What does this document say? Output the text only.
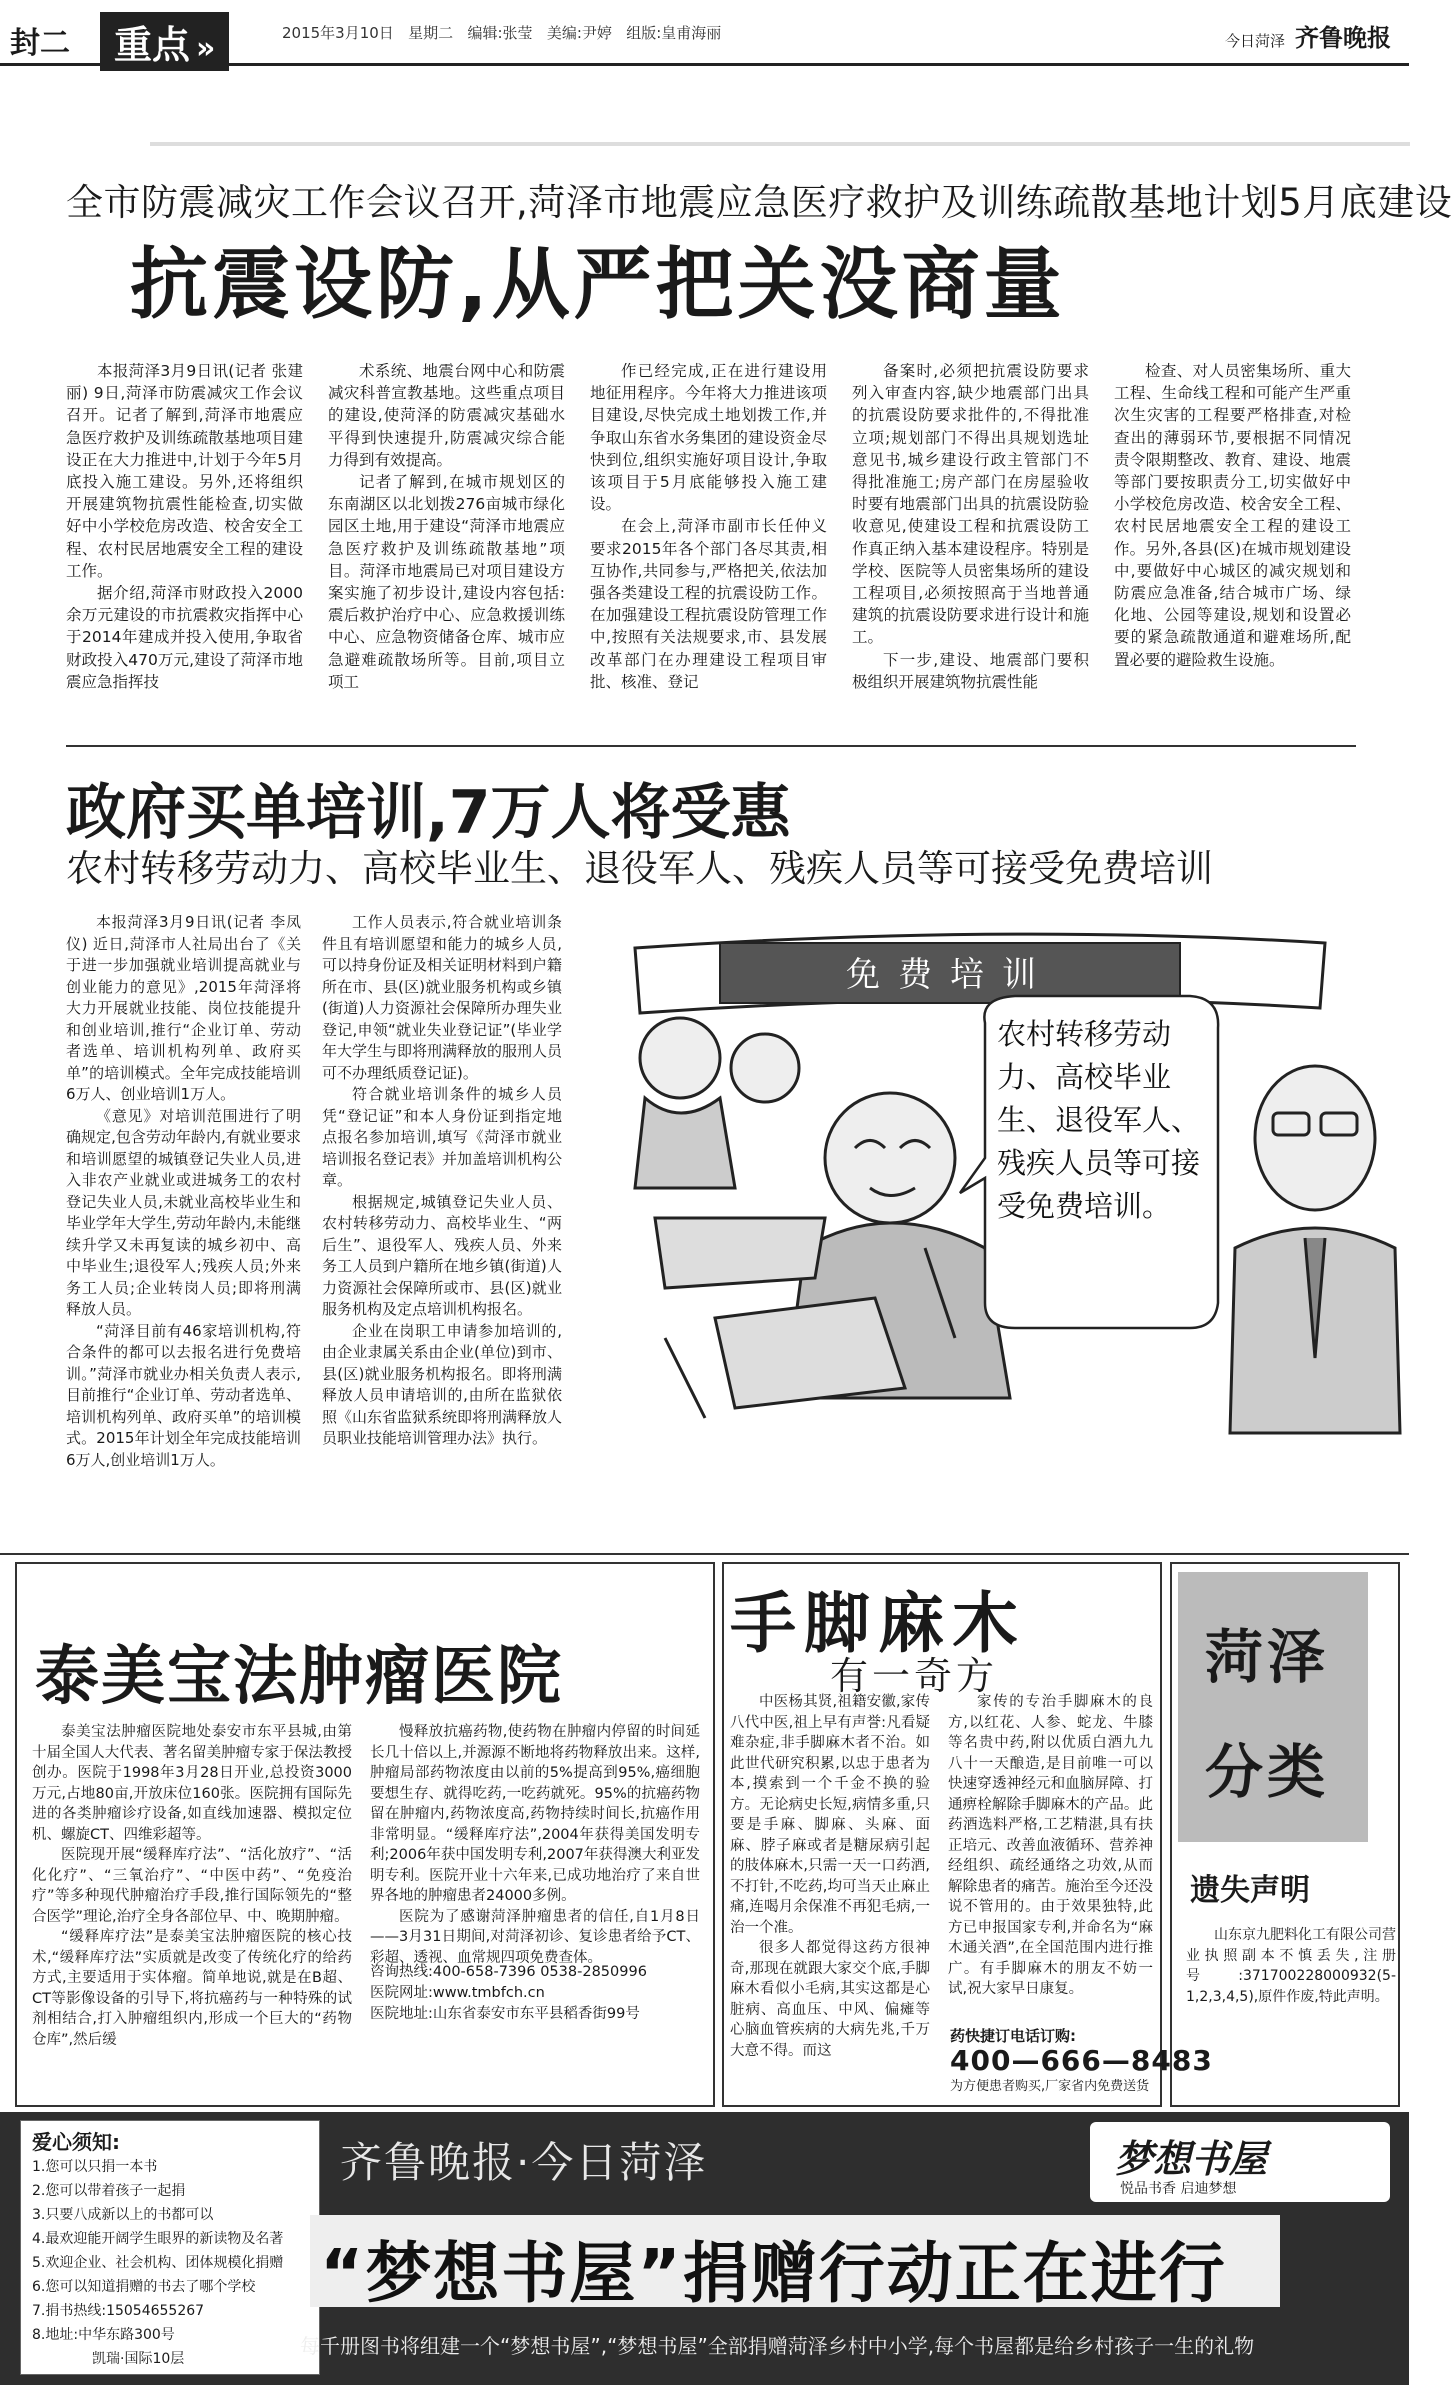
封二	重点 »	2015年3月10日 星期二 编辑:张莹 美编:尹婷 组版:皇甫海丽	今日菏泽 齐鲁晚报
全市防震减灾工作会议召开,菏泽市地震应急医疗救护及训练疏散基地计划5月底建设
抗震设防,从严把关没商量

本报菏泽3月9日讯(记者 张建丽) 9日,菏泽市防震减灾工作会议召开。记者了解到,菏泽市地震应急医疗救护及训练疏散基地项目建设正在大力推进中,计划于今年5月底投入施工建设。另外,还将组织开展建筑物抗震性能检查,切实做好中小学校危房改造、校舍安全工程、农村民居地震安全工程的建设工作。

据介绍,菏泽市财政投入2000余万元建设的市抗震救灾指挥中心于2014年建成并投入使用,争取省财政投入470万元,建设了菏泽市地震应急指挥技

术系统、地震台网中心和防震减灾科普宣教基地。这些重点项目的建设,使菏泽的防震减灾基础水平得到快速提升,防震减灾综合能力得到有效提高。

记者了解到,在城市规划区的东南湖区以北划拨276亩城市绿化园区土地,用于建设“菏泽市地震应急医疗救护及训练疏散基地”项目。菏泽市地震局已对项目建设方案实施了初步设计,建设内容包括:震后救护治疗中心、应急救援训练中心、应急物资储备仓库、城市应急避难疏散场所等。目前,项目立项工

作已经完成,正在进行建设用地征用程序。今年将大力推进该项目建设,尽快完成土地划拨工作,并争取山东省水务集团的建设资金尽快到位,组织实施好项目设计,争取该项目于5月底能够投入施工建设。

在会上,菏泽市副市长任仲义要求2015年各个部门各尽其责,相互协作,共同参与,严格把关,依法加强各类建设工程的抗震设防工作。在加强建设工程抗震设防管理工作中,按照有关法规要求,市、县发展改革部门在办理建设工程项目审批、核准、登记

备案时,必须把抗震设防要求列入审查内容,缺少地震部门出具的抗震设防要求批件的,不得批准立项;规划部门不得出具规划选址意见书,城乡建设行政主管部门不得批准施工;房产部门在房屋验收时要有地震部门出具的抗震设防验收意见,使建设工程和抗震设防工作真正纳入基本建设程序。特别是学校、医院等人员密集场所的建设工程项目,必须按照高于当地普通建筑的抗震设防要求进行设计和施工。

下一步,建设、地震部门要积极组织开展建筑物抗震性能

检查、对人员密集场所、重大工程、生命线工程和可能产生严重次生灾害的工程要严格排查,对检查出的薄弱环节,要根据不同情况责令限期整改、教育、建设、地震等部门要按职责分工,切实做好中小学校危房改造、校舍安全工程、农村民居地震安全工程的建设工作。另外,各县(区)在城市规划建设中,要做好中心城区的减灾规划和防震应急准备,结合城市广场、绿化地、公园等建设,规划和设置必要的紧急疏散通道和避难场所,配置必要的避险救生设施。

政府买单培训,7万人将受惠
农村转移劳动力、高校毕业生、退役军人、残疾人员等可接受免费培训

本报菏泽3月9日讯(记者 李凤仪) 近日,菏泽市人社局出台了《关于进一步加强就业培训提高就业与创业能力的意见》,2015年菏泽将大力开展就业技能、岗位技能提升和创业培训,推行“企业订单、劳动者选单、培训机构列单、政府买单”的培训模式。全年完成技能培训6万人、创业培训1万人。

《意见》对培训范围进行了明确规定,包含劳动年龄内,有就业要求和培训愿望的城镇登记失业人员,进入非农产业就业或进城务工的农村登记失业人员,未就业高校毕业生和毕业学年大学生,劳动年龄内,未能继续升学又未再复读的城乡初中、高中毕业生;退役军人;残疾人员;外来务工人员;企业转岗人员;即将刑满释放人员。

“菏泽目前有46家培训机构,符合条件的都可以去报名进行免费培训。”菏泽市就业办相关负责人表示,目前推行“企业订单、劳动者选单、培训机构列单、政府买单”的培训模式。2015年计划全年完成技能培训6万人,创业培训1万人。

工作人员表示,符合就业培训条件且有培训愿望和能力的城乡人员,可以持身份证及相关证明材料到户籍所在市、县(区)就业服务机构或乡镇(街道)人力资源社会保障所办理失业登记,申领“就业失业登记证”(毕业学年大学生与即将刑满释放的服刑人员可不办理纸质登记证)。

符合就业培训条件的城乡人员凭“登记证”和本人身份证到指定地点报名参加培训,填写《菏泽市就业培训报名登记表》并加盖培训机构公章。

根据规定,城镇登记失业人员、农村转移劳动力、高校毕业生、“两后生”、退役军人、残疾人员、外来务工人员到户籍所在地乡镇(街道)人力资源社会保障所或市、县(区)就业服务机构及定点培训机构报名。

企业在岗职工申请参加培训的,由企业隶属关系由企业(单位)到市、县(区)就业服务机构报名。即将刑满释放人员申请培训的,由所在监狱依照《山东省监狱系统即将刑满释放人员职业技能培训管理办法》执行。

免费培训
农村转移劳动力、高校毕业生、退役军人、残疾人员等可接受免费培训。
泰美宝法肿瘤医院

泰美宝法肿瘤医院地处泰安市东平县城,由第十届全国人大代表、著名留美肿瘤专家于保法教授创办。医院于1998年3月28日开业,总投资3000万元,占地80亩,开放床位160张。医院拥有国际先进的各类肿瘤诊疗设备,如直线加速器、模拟定位机、螺旋CT、四维彩超等。

医院现开展“缓释库疗法”、“活化放疗”、“活化化疗”、“三氧治疗”、“中医中药”、“免疫治疗”等多种现代肿瘤治疗手段,推行国际领先的“整合医学”理论,治疗全身各部位早、中、晚期肿瘤。

“缓释库疗法”是泰美宝法肿瘤医院的核心技术,“缓释库疗法”实质就是改变了传统化疗的给药方式,主要适用于实体瘤。简单地说,就是在B超、CT等影像设备的引导下,将抗癌药与一种特殊的试剂相结合,打入肿瘤组织内,形成一个巨大的“药物仓库”,然后缓

慢释放抗癌药物,使药物在肿瘤内停留的时间延长几十倍以上,并源源不断地将药物释放出来。这样,肿瘤局部药物浓度由以前的5%提高到95%,癌细胞要想生存、就得吃药,一吃药就死。95%的抗癌药物留在肿瘤内,药物浓度高,药物持续时间长,抗癌作用非常明显。“缓释库疗法”,2004年获得美国发明专利;2006年获中国发明专利,2007年获得澳大利亚发明专利。医院开业十六年来,已成功地治疗了来自世界各地的肿瘤患者24000多例。

医院为了感谢菏泽肿瘤患者的信任,自1月8日——3月31日期间,对菏泽初诊、复诊患者给予CT、彩超、透视、血常规四项免费查体。

咨询热线:400-658-7396 0538-2850996
医院网址:www.tmbfch.cn
医院地址:山东省泰安市东平县稻香街99号
手脚麻木
有一奇方

中医杨其贤,祖籍安徽,家传八代中医,祖上早有声誉:凡看疑难杂症,非手脚麻木者不治。如此世代研究积累,以忠于患者为本,摸索到一个千金不换的验方。无论病史长短,病情多重,只要是手麻、脚麻、头麻、面麻、脖子麻或者是糖尿病引起的肢体麻木,只需一天一口药酒,不打针,不吃药,均可当天止麻止痛,连喝月余保准不再犯毛病,一治一个准。

很多人都觉得这药方很神奇,那现在就跟大家交个底,手脚麻木看似小毛病,其实这都是心脏病、高血压、中风、偏瘫等心脑血管疾病的大病先兆,千万大意不得。而这

家传的专治手脚麻木的良方,以红花、人参、蛇龙、牛膝等名贵中药,附以优质白酒九九八十一天酿造,是目前唯一可以快速穿透神经元和血脑屏障、打通痹栓解除手脚麻木的产品。此药酒选料严格,工艺精湛,具有扶正培元、改善血液循环、营养神经组织、疏经通络之功效,从而解除患者的痛苦。施治至今还没说不管用的。由于效果独特,此方已申报国家专利,并命名为“麻木通关酒”,在全国范围内进行推广。有手脚麻木的朋友不妨一试,祝大家早日康复。

药快捷订电话订购:
400—666—8483
为方便患者购买,厂家省内免费送货
菏泽
分类
遗失声明

山东京九肥料化工有限公司营业执照副本不慎丢失,注册号:371700228000932(5-1,2,3,4,5),原件作废,特此声明。

爱心须知:
1.您可以只捐一本书
2.您可以带着孩子一起捐
3.只要八成新以上的书都可以
4.最欢迎能开阔学生眼界的新读物及名著
5.欢迎企业、社会机构、团体规模化捐赠
6.您可以知道捐赠的书去了哪个学校
7.捐书热线:15054655267
8.地址:中华东路300号
凯瑞·国际10层
齐鲁晚报·今日菏泽
“梦想书屋”捐赠行动正在进行
每千册图书将组建一个“梦想书屋”,“梦想书屋”全部捐赠菏泽乡村中小学,每个书屋都是给乡村孩子一生的礼物
梦想书屋
悦品书香 启迪梦想
